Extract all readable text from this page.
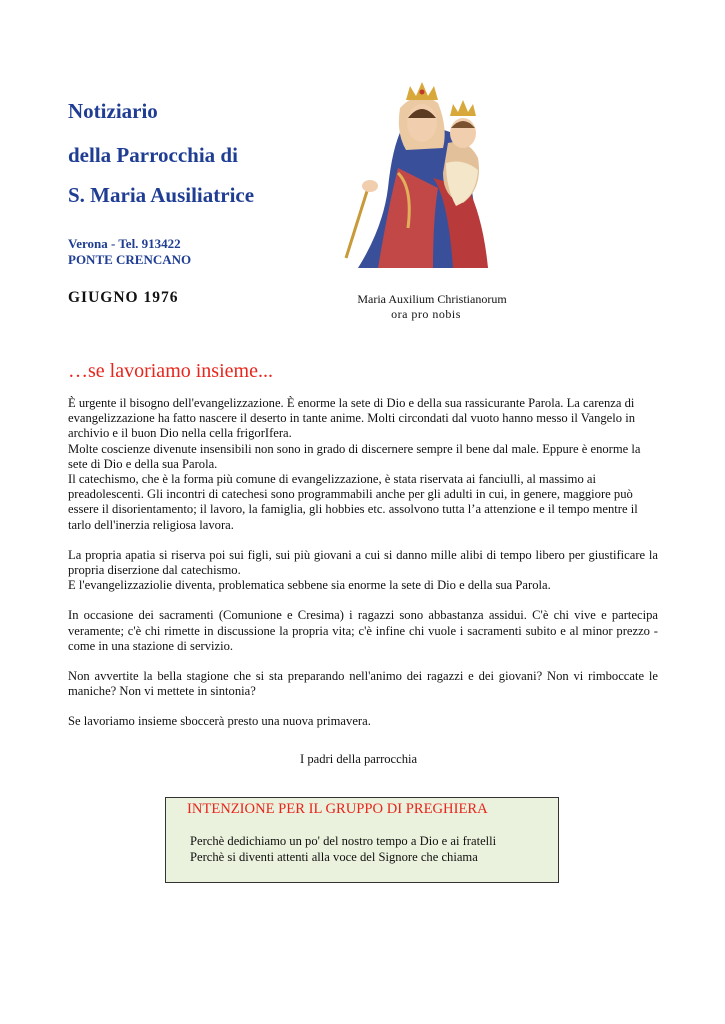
Notiziario
della Parrocchia di
S. Maria Ausiliatrice
Verona - Tel. 913422
PONTE CRENCANO
GIUGNO 1976	Maria Auxilium Christianorum
ora pro nobis
…se lavoriamo insieme...

È urgente il bisogno dell'evangelizzazione. È enorme la sete di Dio e della sua rassicurante Parola. La carenza di evangelizzazione ha fatto nascere il deserto in tante anime. Molti circondati dal vuoto hanno messo il Vangelo in archivio e il buon Dio nella cella frigorIfera.

Molte coscienze divenute insensibili non sono in grado di discernere sempre il bene dal male. Eppure è enorme la sete di Dio e della sua Parola.

Il catechismo, che è la forma più comune di evangelizzazione, è stata riservata ai fanciulli, al massimo ai preadolescenti. Gli incontri di catechesi sono programmabili anche per gli adulti in cui, in genere, maggiore può essere il disorientamento; il lavoro, la famiglia, gli hobbies etc. assolvono tutta l’a attenzione e il tempo mentre il tarlo dell'inerzia religiosa lavora.

La propria apatia si riserva poi sui figli, sui più giovani a cui si danno mille alibi di tempo libero per giustificare la propria diserzione dal catechismo.

E l'evangelizzaziolie diventa, problematica sebbene sia enorme la sete di Dio e della sua Parola.

In occasione dei sacramenti (Comunione e Cresima) i ragazzi sono abbastanza assidui. C'è chi vive e partecipa veramente; c'è chi rimette in discussione la propria vita; c'è infine chi vuole i sacramenti subito e al minor prezzo - come in una stazione di servizio.

Non avvertite la bella stagione che si sta preparando nell'animo dei ragazzi e dei giovani? Non vi rimboccate le maniche? Non vi mettete in sintonia?

Se lavoriamo insieme sboccerà presto una nuova primavera.

I padri della parrocchia
INTENZIONE PER IL GRUPPO DI PREGHIERA
Perchè dedichiamo un po' del nostro tempo a Dio e ai fratelli
Perchè si diventi attenti alla voce del Signore che chiama
